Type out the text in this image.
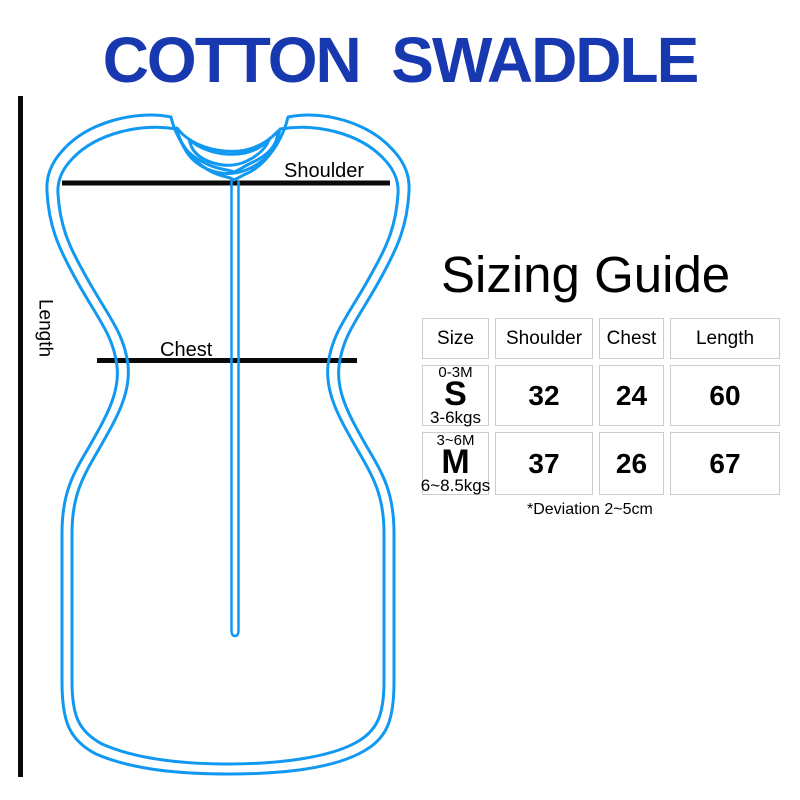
COTTON  SWADDLE
Shoulder
Chest
Length
Sizing Guide
Size	Shoulder	Chest	Length
0-3M
S
3-6kgs
32	24	60
3~6M
M
6~8.5kgs
37	26	67
*Deviation 2~5cm
